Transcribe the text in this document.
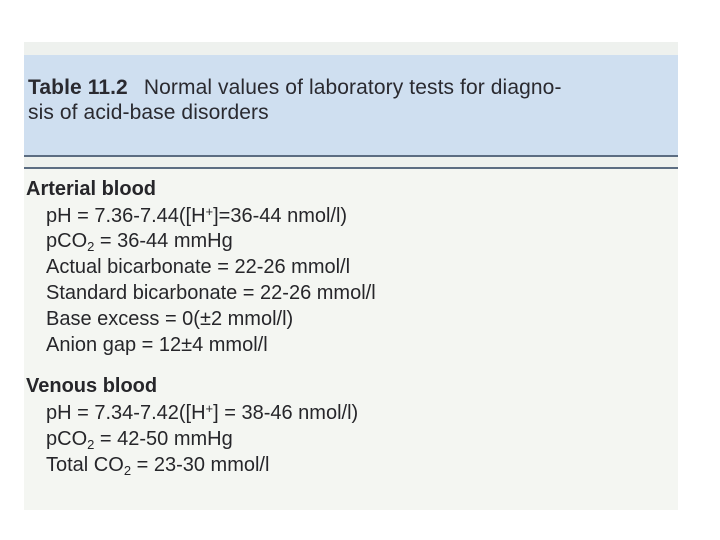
Table 11.2 Normal values of laboratory tests for diagno-
sis of acid-base disorders
Arterial blood
pH = 7.36-7.44([H+]=36-44 nmol/l)
pCO$_2$ = 36-44 mmHg
Actual bicarbonate = 22-26 mmol/l
Standard bicarbonate = 22-26 mmol/l
Base excess = 0(±2 mmol/l)
Anion gap = 12±4 mmol/l
Venous blood
pH = 7.34-7.42([H+] = 38-46 nmol/l)
pCO$_2$ = 42-50 mmHg
Total $CO_2 = 23-30$ mmol/l
